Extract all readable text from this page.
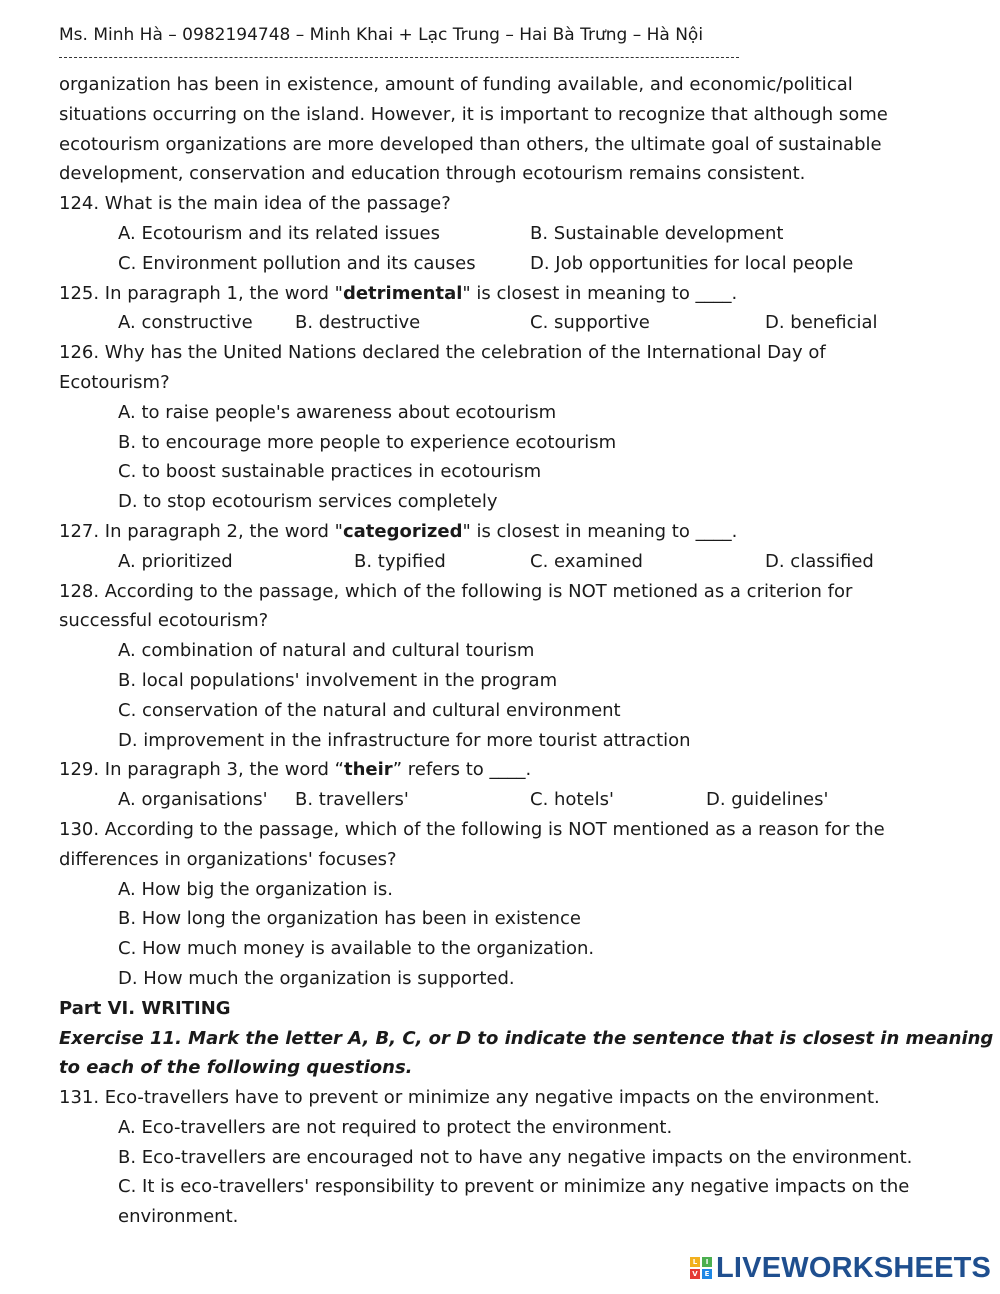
Ms. Minh Hà – 0982194748 – Minh Khai + Lạc Trung – Hai Bà Trưng – Hà Nội
organization has been in existence, amount of funding available, and economic/political
situations occurring on the island. However, it is important to recognize that although some
ecotourism organizations are more developed than others, the ultimate goal of sustainable
development, conservation and education through ecotourism remains consistent.
124. What is the main idea of the passage?
A. Ecotourism and its related issues	B. Sustainable development
C. Environment pollution and its causes	D. Job opportunities for local people
125. In paragraph 1, the word "detrimental" is closest in meaning to ____.
A. constructive B. destructive	C. supportive	D. beneficial
126. Why has the United Nations declared the celebration of the International Day of
Ecotourism?
A. to raise people's awareness about ecotourism
B. to encourage more people to experience ecotourism
C. to boost sustainable practices in ecotourism
D. to stop ecotourism services completely
127. In paragraph 2, the word "categorized" is closest in meaning to ____.
A. prioritized	B. typified	C. examined	D. classified
128. According to the passage, which of the following is NOT metioned as a criterion for
successful ecotourism?
A. combination of natural and cultural tourism
B. local populations' involvement in the program
C. conservation of the natural and cultural environment
D. improvement in the infrastructure for more tourist attraction
129. In paragraph 3, the word “their” refers to ____.
A. organisations' B. travellers'	C. hotels'	D. guidelines'
130. According to the passage, which of the following is NOT mentioned as a reason for the
differences in organizations' focuses?
A. How big the organization is.
B. How long the organization has been in existence
C. How much money is available to the organization.
D. How much the organization is supported.
Part VI. WRITING
Exercise 11. Mark the letter A, B, C, or D to indicate the sentence that is closest in meaning
to each of the following questions.
131. Eco-travellers have to prevent or minimize any negative impacts on the environment.
A. Eco-travellers are not required to protect the environment.
B. Eco-travellers are encouraged not to have any negative impacts on the environment.
C. It is eco-travellers' responsibility to prevent or minimize any negative impacts on the
environment.
L	I
V E LIVEWORKSHEETS
